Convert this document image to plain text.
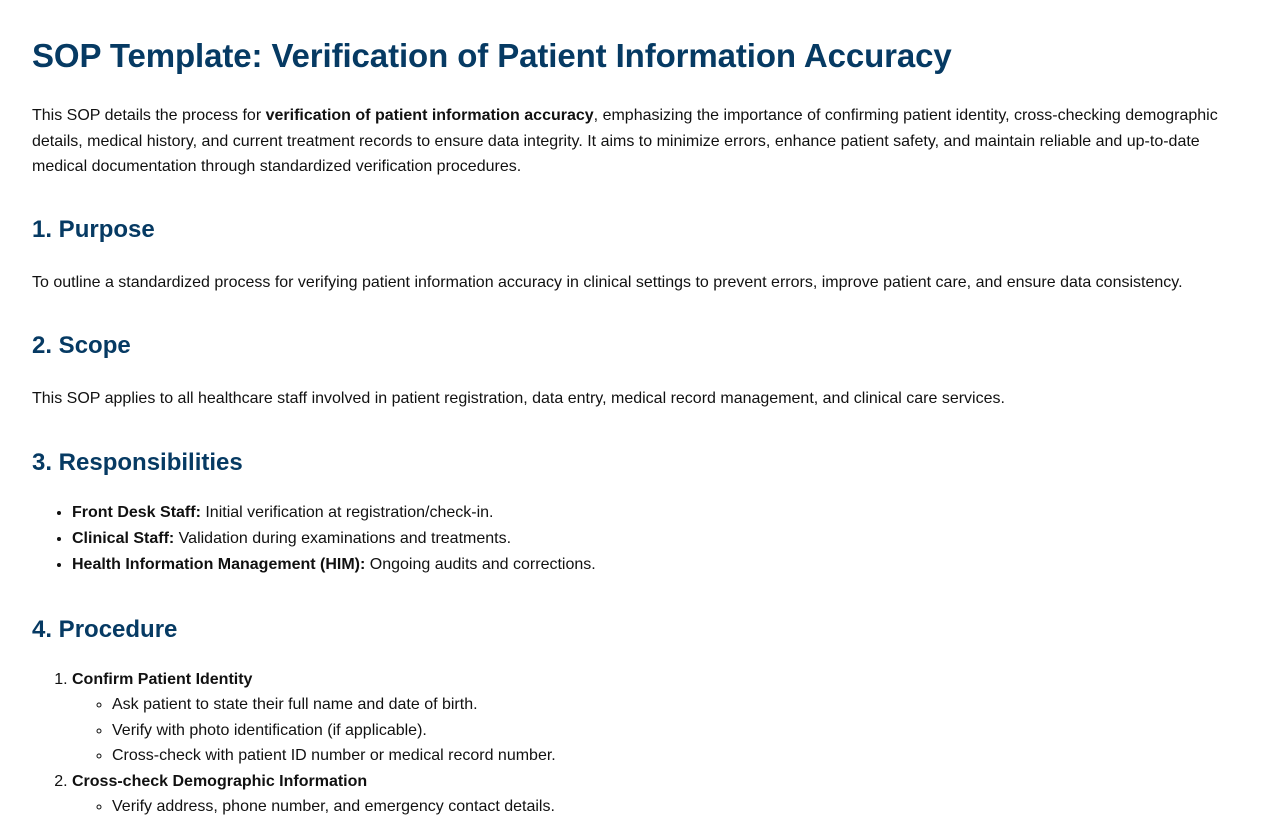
SOP Template: Verification of Patient Information Accuracy

This SOP details the process for verification of patient information accuracy, emphasizing the importance of confirming patient identity, cross-checking demographic details, medical history, and current treatment records to ensure data integrity. It aims to minimize errors, enhance patient safety, and maintain reliable and up-to-date medical documentation through standardized verification procedures.

1. Purpose

To outline a standardized process for verifying patient information accuracy in clinical settings to prevent errors, improve patient care, and ensure data consistency.

2. Scope

This SOP applies to all healthcare staff involved in patient registration, data entry, medical record management, and clinical care services.

3. Responsibilities
• Front Desk Staff: Initial verification at registration/check-in.
• Clinical Staff: Validation during examinations and treatments.
• Health Information Management (HIM): Ongoing audits and corrections.
4. Procedure
1. Confirm Patient Identity
◦ Ask patient to state their full name and date of birth.
◦ Verify with photo identification (if applicable).
◦ Cross-check with patient ID number or medical record number.
2. Cross-check Demographic Information
◦ Verify address, phone number, and emergency contact details.
